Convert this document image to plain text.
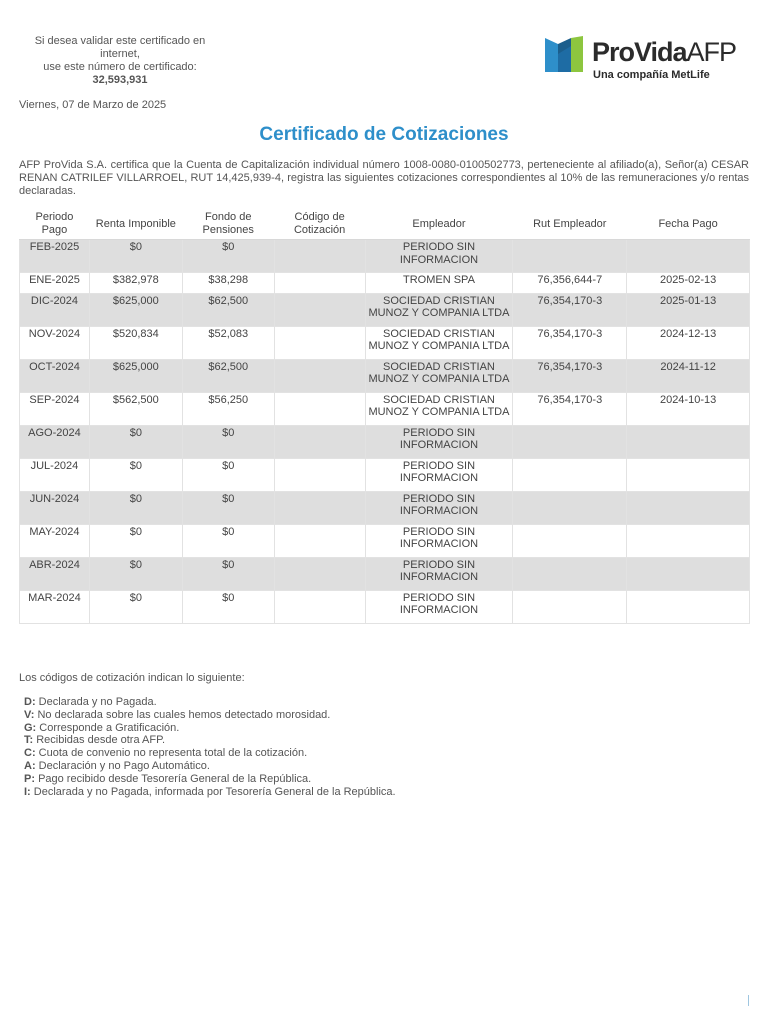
Si desea validar este certificado en internet,
use este número de certificado:
32,593,931
ProVidaAFP
Una compañía MetLife
Viernes, 07 de Marzo de 2025
Certificado de Cotizaciones
AFP ProVida S.A. certifica que la Cuenta de Capitalización individual número 1008-0080-0100502773, perteneciente al afiliado(a), Señor(a) CESAR RENAN CATRILEF VILLARROEL, RUT 14,425,939-4, registra las siguientes cotizaciones correspondientes al 10% de las remuneraciones y/o rentas declaradas.
Periodo Pago	Renta Imponible	Fondo de Pensiones	Código de Cotización	Empleador	Rut Empleador	Fecha Pago
FEB-2025	$0	$0		PERIODO SIN INFORMACION		
ENE-2025	$382,978	$38,298		TROMEN SPA	76,356,644-7	2025-02-13
DIC-2024	$625,000	$62,500		SOCIEDAD CRISTIAN MUNOZ Y COMPANIA LTDA	76,354,170-3	2025-01-13
NOV-2024	$520,834	$52,083		SOCIEDAD CRISTIAN MUNOZ Y COMPANIA LTDA	76,354,170-3	2024-12-13
OCT-2024	$625,000	$62,500		SOCIEDAD CRISTIAN MUNOZ Y COMPANIA LTDA	76,354,170-3	2024-11-12
SEP-2024	$562,500	$56,250		SOCIEDAD CRISTIAN MUNOZ Y COMPANIA LTDA	76,354,170-3	2024-10-13
AGO-2024	$0	$0		PERIODO SIN INFORMACION		
JUL-2024	$0	$0		PERIODO SIN INFORMACION		
JUN-2024	$0	$0		PERIODO SIN INFORMACION		
MAY-2024	$0	$0		PERIODO SIN INFORMACION		
ABR-2024	$0	$0		PERIODO SIN INFORMACION		
MAR-2024	$0	$0		PERIODO SIN INFORMACION		
Los códigos de cotización indican lo siguiente:
D: Declarada y no Pagada.
V: No declarada sobre las cuales hemos detectado morosidad.
G: Corresponde a Gratificación.
T: Recibidas desde otra AFP.
C: Cuota de convenio no representa total de la cotización.
A: Declaración y no Pago Automático.
P: Pago recibido desde Tesorería General de la República.
I: Declarada y no Pagada, informada por Tesorería General de la República.
